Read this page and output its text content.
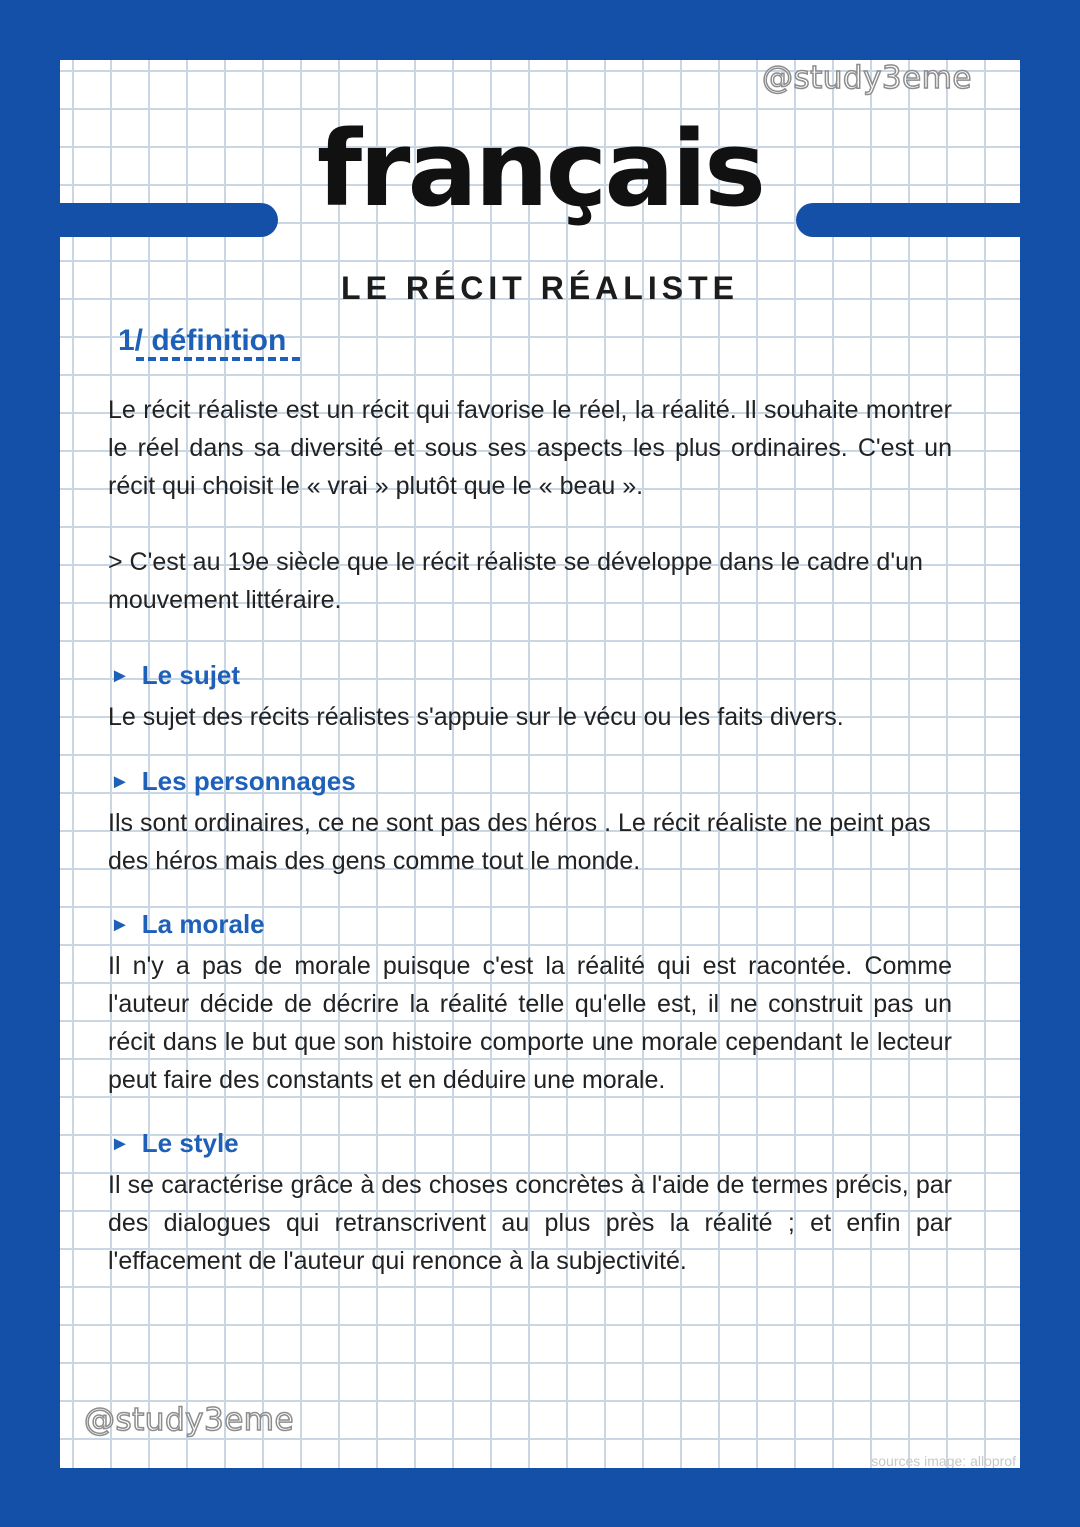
@study3eme
français
LE RÉCIT RÉALISTE
1/ définition

Le récit réaliste est un récit qui favorise le réel, la réalité. Il souhaite montrer le réel dans sa diversité et sous ses aspects les plus ordinaires. C'est un récit qui choisit le « vrai » plutôt que le « beau ».

> C'est au 19e siècle que le récit réaliste se développe dans le cadre d'un mouvement littéraire.

► Le sujet

Le sujet des récits réalistes s'appuie sur le vécu ou les faits divers.

► Les personnages

Ils sont ordinaires, ce ne sont pas des héros . Le récit réaliste ne peint pas des héros mais des gens comme tout le monde.

► La morale

Il n'y a pas de morale puisque c'est la réalité qui est racontée. Comme l'auteur décide de décrire la réalité telle qu'elle est, il ne construit pas un récit dans le but que son histoire comporte une morale cependant le lecteur peut faire des constants et en déduire une morale.

► Le style

Il se caractérise grâce à des choses concrètes à l'aide de termes précis, par des dialogues qui retranscrivent au plus près la réalité ; et enfin par l'effacement de l'auteur qui renonce à la subjectivité.

@study3eme
sources image: alloprof
